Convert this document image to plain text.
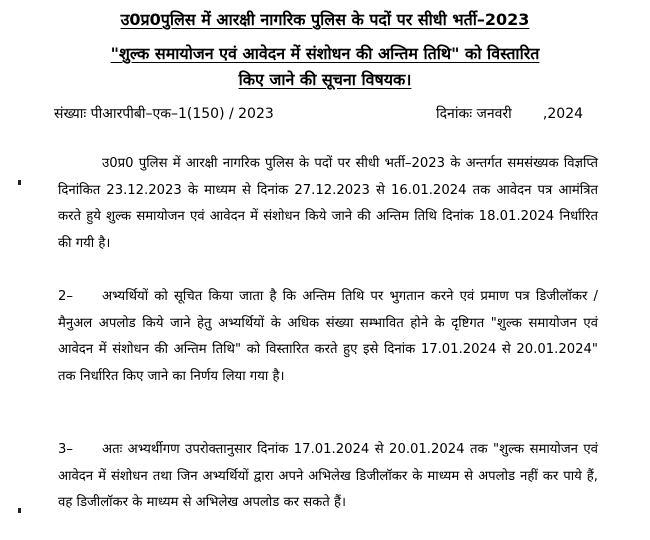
उ0प्र0पुलिस में आरक्षी नागरिक पुलिस के पदों पर सीधी भर्ती–2023
"शुल्क समायोजन एवं आवेदन में संशोधन की अन्तिम तिथि" को विस्तारित
किए जाने की सूचना विषयक।
संख्याः पीआरपीबी–एक–1(150) / 2023	दिनांकः जनवरी       ,2024
उ0प्र0 पुलिस में आरक्षी नागरिक पुलिस के पदों पर सीधी भर्ती–2023 के अन्तर्गत समसंख्यक विज्ञप्ति दिनांकित 23.12.2023 के माध्यम से दिनांक 27.12.2023 से 16.01.2024 तक आवेदन पत्र आमंत्रित करते हुये शुल्क समायोजन एवं आवेदन में संशोधन किये जाने की अन्तिम तिथि दिनांक 18.01.2024 निर्धारित की गयी है।
2– अभ्यर्थियों को सूचित किया जाता है कि अन्तिम तिथि पर भुगतान करने एवं प्रमाण पत्र डिजीलॉकर / मैनुअल अपलोड किये जाने हेतु अभ्यर्थियों के अधिक संख्या सम्भावित होने के दृष्टिगत "शुल्क समायोजन एवं आवेदन में संशोधन की अन्तिम तिथि" को विस्तारित करते हुए इसे दिनांक 17.01.2024 से 20.01.2024" तक निर्धारित किए जाने का निर्णय लिया गया है।
3– अतः अभ्यर्थीगण उपरोक्तानुसार दिनांक 17.01.2024 से 20.01.2024 तक "शुल्क समायोजन एवं आवेदन में संशोधन तथा जिन अभ्यर्थियों द्वारा अपने अभिलेख डिजीलॉकर के माध्यम से अपलोड नहीं कर पाये हैं, वह डिजीलॉकर के माध्यम से अभिलेख अपलोड कर सकते हैं।
